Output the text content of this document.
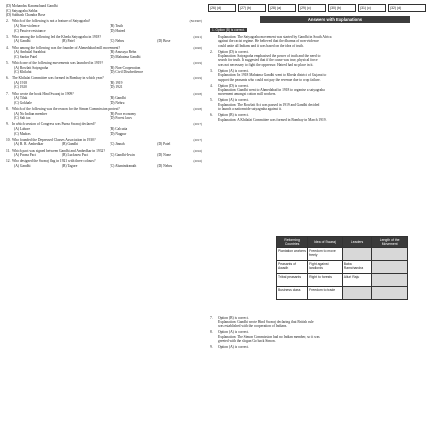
(D) Mohandas Karamchand Gandhi
(C) Satyagraha Sabha
(D) Subhash Chandra Bose
2. Which of the following is not a feature of Satyagraha?	(NCERT)
(A) Non-violence	(B) Truth
(C) Passive resistance	(D) Hatred
3. Who among the following led the Kheda Satyagraha in 1918?	(2021)
(A) Gandhi	(B) Patel	(C) Nehru	(D) Bose
4. Who among the following was the founder of Ahmedabad mill movement?	(2020)
(A) Ambalal Sarabhai	(B) Anusuya Behn
(C) Sardar Patel	(D) Mahatma Gandhi
5. Which one of the following movements was launched in 1919?	(2019)
(A) Rowlatt Satyagraha	(B) Non-Cooperation
(C) Khilafat	(D) Civil Disobedience
6. The Khilafat Committee was formed in Bombay in which year?	(2019)
(A) 1918	(B) 1919
(C) 1920	(D) 1921
7. Who wrote the book Hind Swaraj in 1909?	(2018)
(A) Tilak	(B) Gandhi
(C) Gokhale	(D) Nehru
8. Which of the following was the reason for the Simon Commission protest?	(2018)
(A) No Indian member	(B) Poor economy
(C) Salt tax	(D) Forest laws
9. In which session of Congress was Purna Swaraj declared?	(2017)
(A) Lahore	(B) Calcutta
(C) Madras	(D) Nagpur
10. Who founded the Depressed Classes Association in 1930?	(2017)
(A) B. R. Ambedkar	(B) Gandhi	(C) Jinnah	(D) Patel
11. Which pact was signed between Gandhi and Ambedkar in 1932?	(2016)
(A) Poona Pact	(B) Lucknow Pact	(C) Gandhi-Irwin	(D) None
12. Who designed the Swaraj flag in 1921 with three colours?	(2016)
(A) Gandhi	(B) Tagore	(C) Abanindranath	(D) Nehru
(26) (d)	(27) (b)	(28) (a)	(29) (c)	(30) (b)	(31) (c)	(32) (d)
Answers with Explanations
1. Option (B) is correct.
Explanation: The Satyagraha movement was started by Gandhi in South Africa
against the racist regime. He believed that the dharma of non-violence
could unite all Indians and it was based on the idea of truth.
2.	Option (D) is correct.
Explanation: Satyagraha emphasised the power of truth and the need to
search for truth. It suggested that if the cause was true, physical force
was not necessary to fight the oppressor. Hatred had no place in it.
3.	Option (A) is correct.
Explanation: In 1918 Mahatma Gandhi went to Kheda district of Gujarat to
support the peasants who could not pay the revenue due to crop failure.
4.	Option (D) is correct.
Explanation: Gandhi went to Ahmedabad in 1918 to organise a satyagraha
movement amongst cotton mill workers.
5.	Option (A) is correct.
Explanation: The Rowlatt Act was passed in 1919 and Gandhi decided
to launch a nationwide satyagraha against it.
6.	Option (B) is correct.
Explanation: A Khilafat Committee was formed in Bombay in March 1919.
Reforming Countries	Idea of Swaraj	Leaders	Length of the Movement
Plantation workers	Freedom to move freely		
Peasants of Awadh	Fight against landlords	Baba Ramchandra	
Tribal peasants	Right to forests	Alluri Raju	
Business class	Freedom to trade		
7.	Option (B) is correct.
Explanation: Gandhi wrote Hind Swaraj declaring that British rule
was established with the cooperation of Indians.
8.	Option (A) is correct.
Explanation: The Simon Commission had no Indian member, so it was
greeted with the slogan Go back Simon.
9.	Option (A) is correct.
